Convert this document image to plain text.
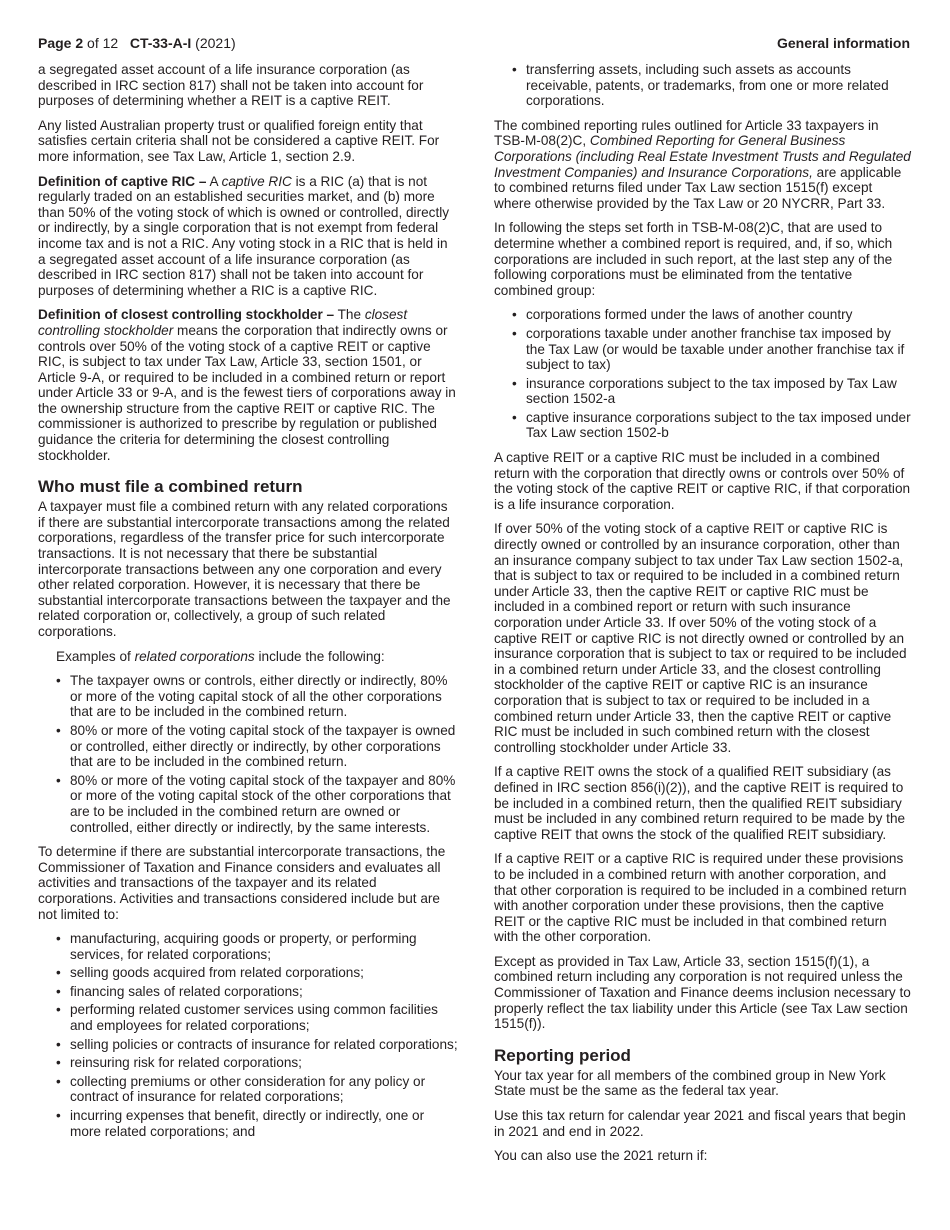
Page 2 of 12 CT-33-A-I (2021)	General information

a segregated asset account of a life insurance corporation (as described in IRC section 817) shall not be taken into account for purposes of determining whether a REIT is a captive REIT.

Any listed Australian property trust or qualified foreign entity that satisfies certain criteria shall not be considered a captive REIT. For more information, see Tax Law, Article 1, section 2.9.

Definition of captive RIC – A captive RIC is a RIC (a) that is not regularly traded on an established securities market, and (b) more than 50% of the voting stock of which is owned or controlled, directly or indirectly, by a single corporation that is not exempt from federal income tax and is not a RIC. Any voting stock in a RIC that is held in a segregated asset account of a life insurance corporation (as described in IRC section 817) shall not be taken into account for purposes of determining whether a RIC is a captive RIC.

Definition of closest controlling stockholder – The closest controlling stockholder means the corporation that indirectly owns or controls over 50% of the voting stock of a captive REIT or captive RIC, is subject to tax under Tax Law, Article 33, section 1501, or Article 9-A, or required to be included in a combined return or report under Article 33 or 9-A, and is the fewest tiers of corporations away in the ownership structure from the captive REIT or captive RIC. The commissioner is authorized to prescribe by regulation or published guidance the criteria for determining the closest controlling stockholder.

Who must file a combined return

A taxpayer must file a combined return with any related corporations if there are substantial intercorporate transactions among the related corporations, regardless of the transfer price for such intercorporate transactions. It is not necessary that there be substantial intercorporate transactions between any one corporation and every other related corporation. However, it is necessary that there be substantial intercorporate transactions between the taxpayer and the related corporation or, collectively, a group of such related corporations.

Examples of related corporations include the following:

• The taxpayer owns or controls, either directly or indirectly, 80% or more of the voting capital stock of all the other corporations that are to be included in the combined return.
• 80% or more of the voting capital stock of the taxpayer is owned or controlled, either directly or indirectly, by other corporations that are to be included in the combined return.
• 80% or more of the voting capital stock of the taxpayer and 80% or more of the voting capital stock of the other corporations that are to be included in the combined return are owned or controlled, either directly or indirectly, by the same interests.

To determine if there are substantial intercorporate transactions, the Commissioner of Taxation and Finance considers and evaluates all activities and transactions of the taxpayer and its related corporations. Activities and transactions considered include but are not limited to:

• manufacturing, acquiring goods or property, or performing services, for related corporations;
• selling goods acquired from related corporations;
• financing sales of related corporations;
• performing related customer services using common facilities and employees for related corporations;
• selling policies or contracts of insurance for related corporations;
• reinsuring risk for related corporations;
• collecting premiums or other consideration for any policy or contract of insurance for related corporations;
• incurring expenses that benefit, directly or indirectly, one or more related corporations; and
• transferring assets, including such assets as accounts receivable, patents, or trademarks, from one or more related corporations.

The combined reporting rules outlined for Article 33 taxpayers in TSB-M-08(2)C, Combined Reporting for General Business Corporations (including Real Estate Investment Trusts and Regulated Investment Companies) and Insurance Corporations, are applicable to combined returns filed under Tax Law section 1515(f) except where otherwise provided by the Tax Law or 20 NYCRR, Part 33.

In following the steps set forth in TSB-M-08(2)C, that are used to determine whether a combined report is required, and, if so, which corporations are included in such report, at the last step any of the following corporations must be eliminated from the tentative combined group:

• corporations formed under the laws of another country
• corporations taxable under another franchise tax imposed by the Tax Law (or would be taxable under another franchise tax if subject to tax)
• insurance corporations subject to the tax imposed by Tax Law section 1502-a
• captive insurance corporations subject to the tax imposed under Tax Law section 1502-b

A captive REIT or a captive RIC must be included in a combined return with the corporation that directly owns or controls over 50% of the voting stock of the captive REIT or captive RIC, if that corporation is a life insurance corporation.

If over 50% of the voting stock of a captive REIT or captive RIC is directly owned or controlled by an insurance corporation, other than an insurance company subject to tax under Tax Law section 1502-a, that is subject to tax or required to be included in a combined return under Article 33, then the captive REIT or captive RIC must be included in a combined report or return with such insurance corporation under Article 33. If over 50% of the voting stock of a captive REIT or captive RIC is not directly owned or controlled by an insurance corporation that is subject to tax or required to be included in a combined return under Article 33, and the closest controlling stockholder of the captive REIT or captive RIC is an insurance corporation that is subject to tax or required to be included in a combined return under Article 33, then the captive REIT or captive RIC must be included in such combined return with the closest controlling stockholder under Article 33.

If a captive REIT owns the stock of a qualified REIT subsidiary (as defined in IRC section 856(i)(2)), and the captive REIT is required to be included in a combined return, then the qualified REIT subsidiary must be included in any combined return required to be made by the captive REIT that owns the stock of the qualified REIT subsidiary.

If a captive REIT or a captive RIC is required under these provisions to be included in a combined return with another corporation, and that other corporation is required to be included in a combined return with another corporation under these provisions, then the captive REIT or the captive RIC must be included in that combined return with the other corporation.

Except as provided in Tax Law, Article 33, section 1515(f)(1), a combined return including any corporation is not required unless the Commissioner of Taxation and Finance deems inclusion necessary to properly reflect the tax liability under this Article (see Tax Law section 1515(f)).

Reporting period

Your tax year for all members of the combined group in New York State must be the same as the federal tax year.

Use this tax return for calendar year 2021 and fiscal years that begin in 2021 and end in 2022.

You can also use the 2021 return if:
